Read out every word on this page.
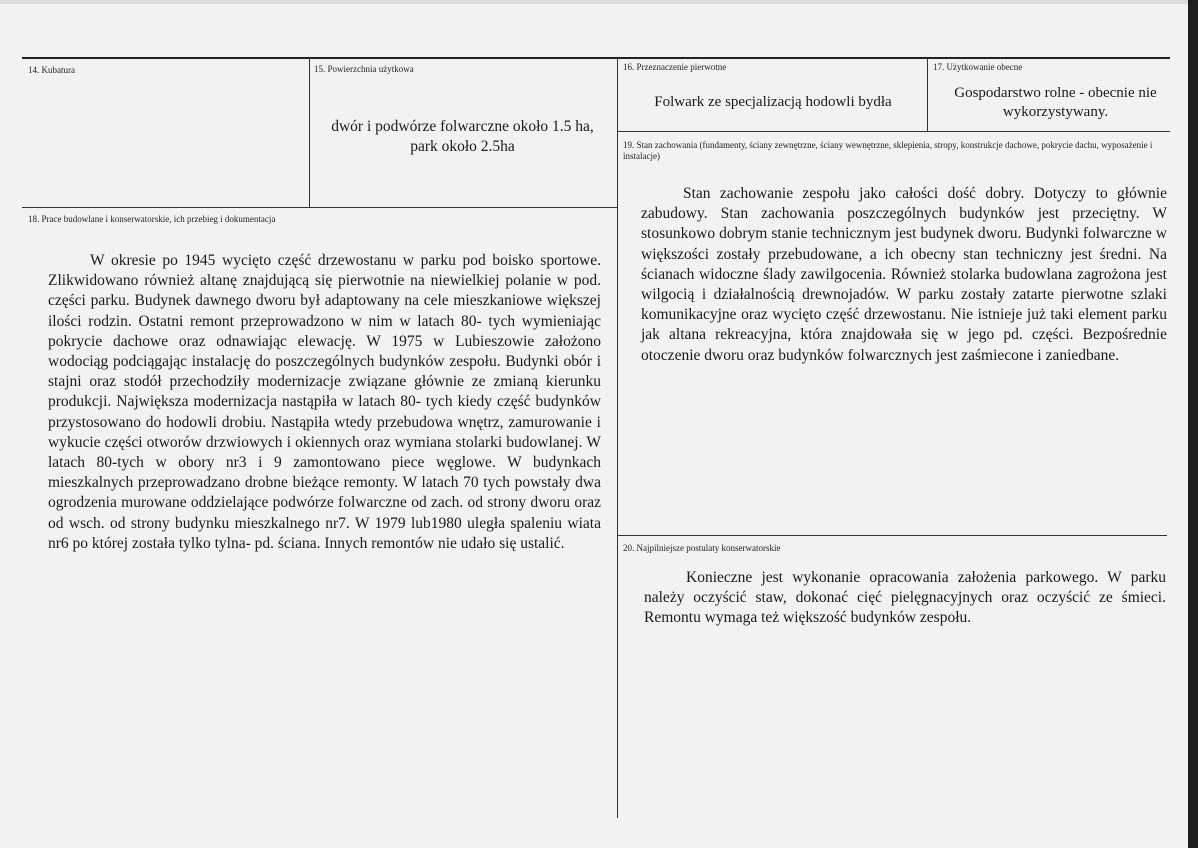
14. Kubatura	15. Powierzchnia użytkowa
dwór i podwórze folwarczne około 1.5 ha, park około 2.5ha
16. Przeznaczenie pierwotne
Folwark ze specjalizacją hodowli bydła
17. Użytkowanie obecne
Gospodarstwo rolne - obecnie nie wykorzystywany.
18. Prace budowlane i konserwatorskie, ich przebieg i dokumentacja

W okresie po 1945 wycięto część drzewostanu w parku pod boisko sportowe. Zlikwidowano również altanę znajdującą się pierwotnie na niewielkiej polanie w pod. części parku. Budynek dawnego dworu był adaptowany na cele mieszkaniowe większej ilości rodzin. Ostatni remont przeprowadzono w nim w latach 80- tych wymieniając pokrycie dachowe oraz odnawiając elewację. W 1975 w Lubieszowie założono wodociąg podciągając instalację do poszczególnych budynków zespołu. Budynki obór i stajni oraz stodół przechodziły modernizacje związane głównie ze zmianą kierunku produkcji. Największa modernizacja nastąpiła w latach 80- tych kiedy część budynków przystosowano do hodowli drobiu. Nastąpiła wtedy przebudowa wnętrz, zamurowanie i wykucie części otworów drzwiowych i okiennych oraz wymiana stolarki budowlanej. W latach 80-tych w obory nr3 i 9 zamontowano piece węglowe. W budynkach mieszkalnych przeprowadzano drobne bieżące remonty. W latach 70 tych powstały dwa ogrodzenia murowane oddzielające podwórze folwarczne od zach. od strony dworu oraz od wsch. od strony budynku mieszkalnego nr7. W 1979 lub1980 uległa spaleniu wiata nr6 po której została tylko tylna- pd. ściana. Innych remontów nie udało się ustalić.

19. Stan zachowania (fundamenty, ściany zewnętrzne, ściany wewnętrzne, sklepienia, stropy, konstrukcje dachowe, pokrycie dachu, wyposażenie i instalacje)

Stan zachowanie zespołu jako całości dość dobry. Dotyczy to głównie zabudowy. Stan zachowania poszczególnych budynków jest przeciętny. W stosunkowo dobrym stanie technicznym jest budynek dworu. Budynki folwarczne w większości zostały przebudowane, a ich obecny stan techniczny jest średni. Na ścianach widoczne ślady zawilgocenia. Również stolarka budowlana zagrożona jest wilgocią i działalnością drewnojadów. W parku zostały zatarte pierwotne szlaki komunikacyjne oraz wycięto część drzewostanu. Nie istnieje już taki element parku jak altana rekreacyjna, która znajdowała się w jego pd. części. Bezpośrednie otoczenie dworu oraz budynków folwarcznych jest zaśmiecone i zaniedbane.

20. Najpilniejsze postulaty konserwatorskie

Konieczne jest wykonanie opracowania założenia parkowego. W parku należy oczyścić staw, dokonać cięć pielęgnacyjnych oraz oczyścić ze śmieci. Remontu wymaga też większość budynków zespołu.
